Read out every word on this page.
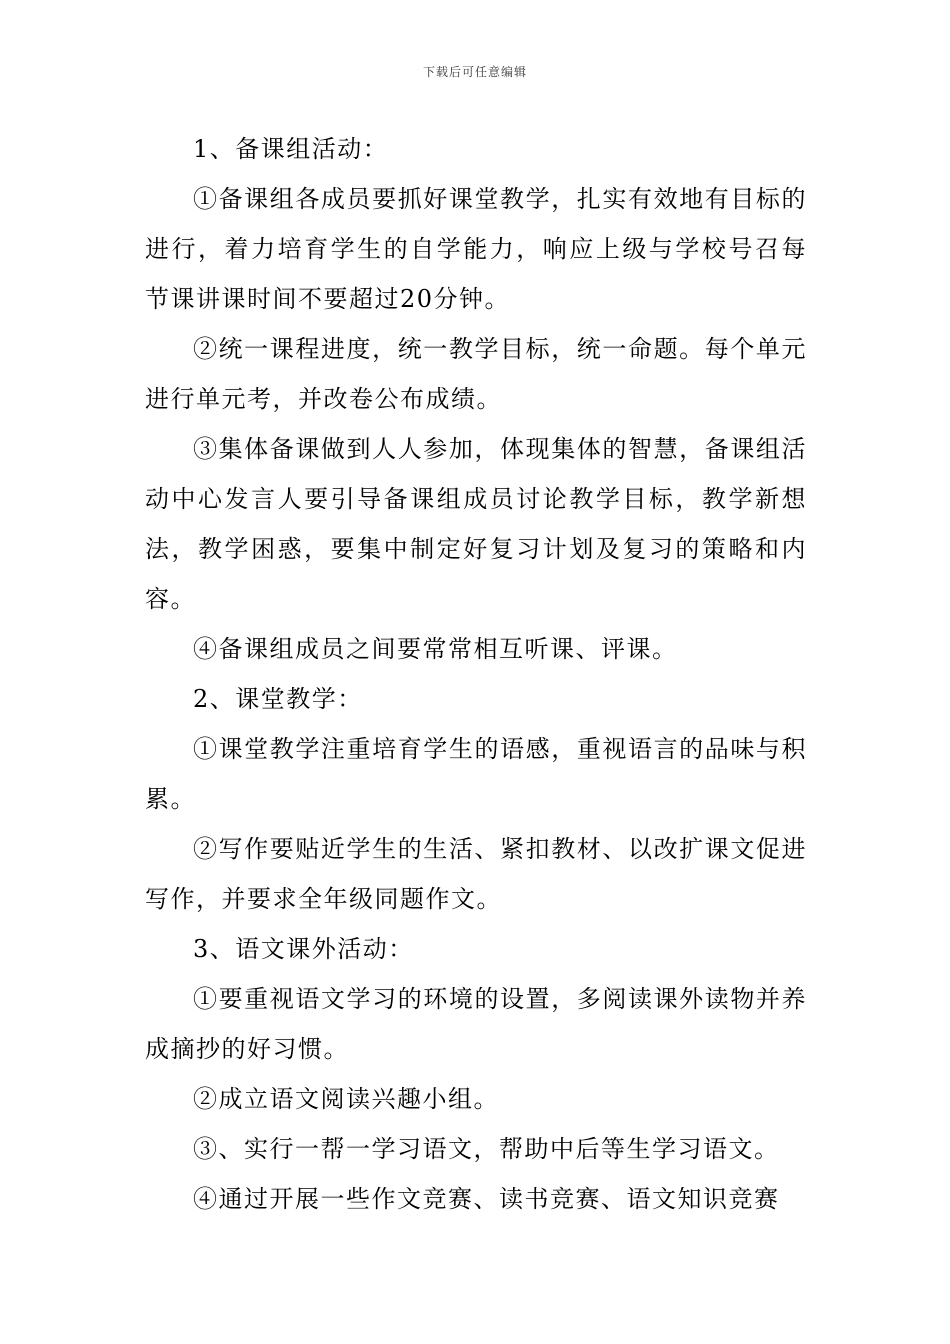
下载后可任意编辑

1、备课组活动：

①备课组各成员要抓好课堂教学，扎实有效地有目标的进行，着力培育学生的自学能力，响应上级与学校号召每节课讲课时间不要超过20分钟。

②统一课程进度，统一教学目标，统一命题。每个单元进行单元考，并改卷公布成绩。

③集体备课做到人人参加，体现集体的智慧，备课组活动中心发言人要引导备课组成员讨论教学目标，教学新想法，教学困惑，要集中制定好复习计划及复习的策略和内容。

④备课组成员之间要常常相互听课、评课。

2、课堂教学：

①课堂教学注重培育学生的语感，重视语言的品味与积累。

②写作要贴近学生的生活、紧扣教材、以改扩课文促进写作，并要求全年级同题作文。

3、语文课外活动：

①要重视语文学习的环境的设置，多阅读课外读物并养成摘抄的好习惯。

②成立语文阅读兴趣小组。

③、实行一帮一学习语文，帮助中后等生学习语文。

④通过开展一些作文竞赛、读书竞赛、语文知识竞赛
